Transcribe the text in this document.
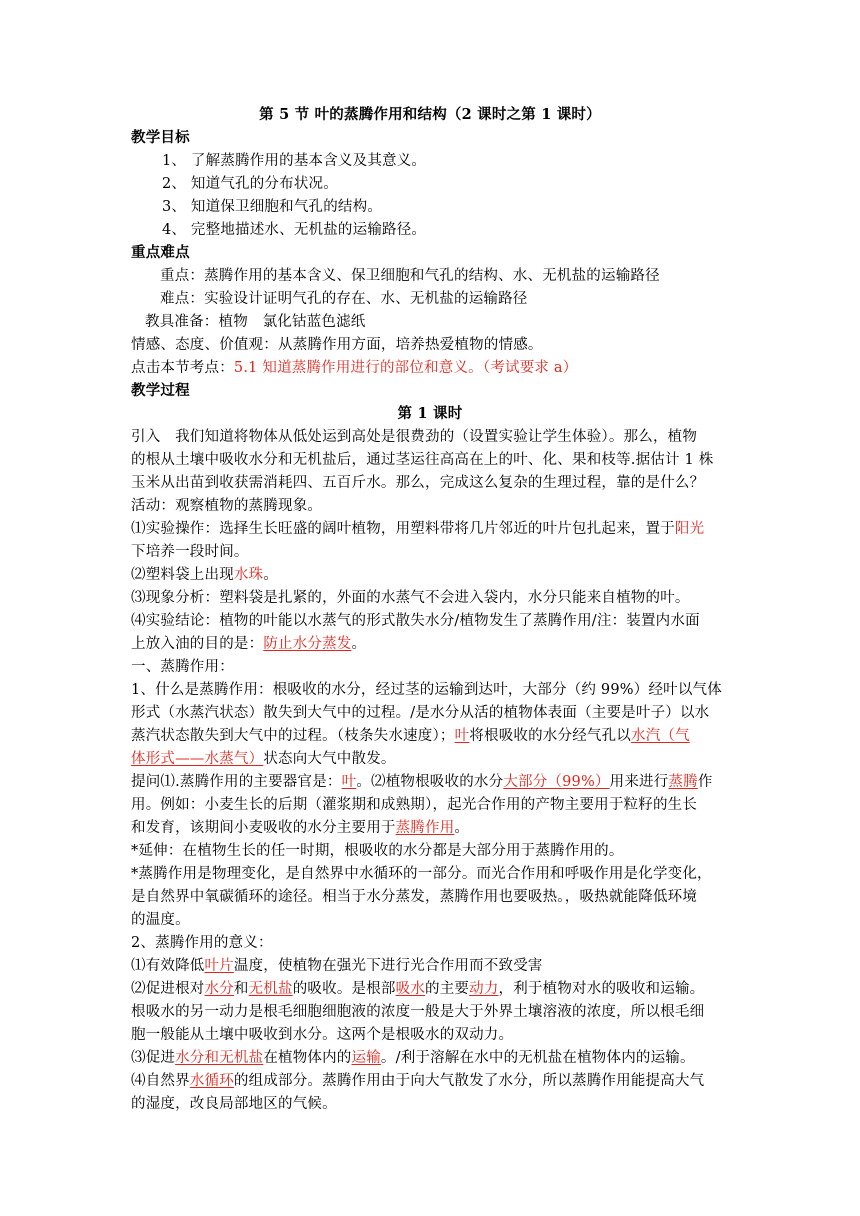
第 5 节 叶的蒸腾作用和结构（2 课时之第 1 课时）
教学目标
1、 了解蒸腾作用的基本含义及其意义。
2、 知道气孔的分布状况。
3、 知道保卫细胞和气孔的结构。
4、 完整地描述水、无机盐的运输路径。
重点难点
重点：蒸腾作用的基本含义、保卫细胞和气孔的结构、水、无机盐的运输路径
难点：实验设计证明气孔的存在、水、无机盐的运输路径
教具准备：植物　氯化钴蓝色滤纸
情感、态度、价值观：从蒸腾作用方面，培养热爱植物的情感。
点击本节考点：5.1 知道蒸腾作用进行的部位和意义。（考试要求 a）
教学过程
第 1 课时
引入　我们知道将物体从低处运到高处是很费劲的（设置实验让学生体验）。那么，植物
的根从土壤中吸收水分和无机盐后，通过茎运往高高在上的叶、化、果和枝等.据估计 1 株
玉米从出苗到收获需消耗四、五百斤水。那么，完成这么复杂的生理过程，靠的是什么？
活动：观察植物的蒸腾现象。
⑴实验操作：选择生长旺盛的阔叶植物，用塑料带将几片邻近的叶片包扎起来，置于阳光
下培养一段时间。
⑵塑料袋上出现水珠。
⑶现象分析：塑料袋是扎紧的，外面的水蒸气不会进入袋内，水分只能来自植物的叶。
⑷实验结论：植物的叶能以水蒸气的形式散失水分/植物发生了蒸腾作用/注：装置内水面
上放入油的目的是：防止水分蒸发。
一、蒸腾作用：
1、什么是蒸腾作用：根吸收的水分，经过茎的运输到达叶，大部分（约 99%）经叶以气体
形式（水蒸汽状态）散失到大气中的过程。/是水分从活的植物体表面（主要是叶子）以水
蒸汽状态散失到大气中的过程。（枝条失水速度）；叶将根吸收的水分经气孔以水汽（气
体形式——水蒸气）状态向大气中散发。
提问⑴.蒸腾作用的主要器官是：叶。⑵植物根吸收的水分大部分（99%）用来进行蒸腾作
用。例如：小麦生长的后期（灌浆期和成熟期），起光合作用的产物主要用于粒籽的生长
和发育，该期间小麦吸收的水分主要用于蒸腾作用。
*延伸：在植物生长的任一时期，根吸收的水分都是大部分用于蒸腾作用的。
*蒸腾作用是物理变化，是自然界中水循环的一部分。而光合作用和呼吸作用是化学变化，
是自然界中氧碳循环的途径。相当于水分蒸发，蒸腾作用也要吸热。，吸热就能降低环境
的温度。
2、蒸腾作用的意义：
⑴有效降低叶片温度，使植物在强光下进行光合作用而不致受害
⑵促进根对水分和无机盐的吸收。是根部吸水的主要动力，利于植物对水的吸收和运输。
根吸水的另一动力是根毛细胞细胞液的浓度一般是大于外界土壤溶液的浓度，所以根毛细
胞一般能从土壤中吸收到水分。这两个是根吸水的双动力。
⑶促进水分和无机盐在植物体内的运输。/利于溶解在水中的无机盐在植物体内的运输。
⑷自然界水循环的组成部分。蒸腾作用由于向大气散发了水分，所以蒸腾作用能提高大气
的湿度，改良局部地区的气候。
